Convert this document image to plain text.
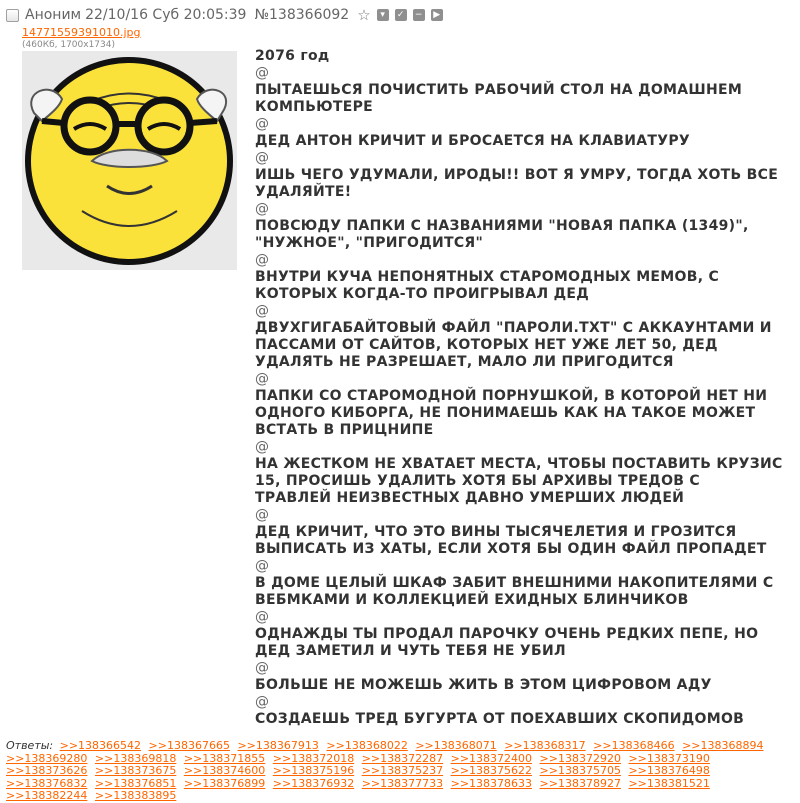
Аноним 22/10/16 Суб 20:05:39 №138366092 ☆	▾	✓ − ▶
14771559391010.jpg
(460Кб, 1700x1734)
2076 год
@
ПЫТАЕШЬСЯ ПОЧИСТИТЬ РАБОЧИЙ СТОЛ НА ДОМАШНЕМ
КОМПЬЮТЕРЕ
@
ДЕД АНТОН КРИЧИТ И БРОСАЕТСЯ НА КЛАВИАТУРУ
@
ИШЬ ЧЕГО УДУМАЛИ, ИРОДЫ!! ВОТ Я УМРУ, ТОГДА ХОТЬ ВСЕ
УДАЛЯЙТЕ!
@
ПОВСЮДУ ПАПКИ С НАЗВАНИЯМИ "НОВАЯ ПАПКА (1349)",
"НУЖНОЕ", "ПРИГОДИТСЯ"
@
ВНУТРИ КУЧА НЕПОНЯТНЫХ СТАРОМОДНЫХ МЕМОВ, С
КОТОРЫХ КОГДА-ТО ПРОИГРЫВАЛ ДЕД
@
ДВУХГИГАБАЙТОВЫЙ ФАЙЛ "ПАРОЛИ.TXT" С АККАУНТАМИ И
ПАССАМИ ОТ САЙТОВ, КОТОРЫХ НЕТ УЖЕ ЛЕТ 50, ДЕД
УДАЛЯТЬ НЕ РАЗРЕШАЕТ, МАЛО ЛИ ПРИГОДИТСЯ
@
ПАПКИ СО СТАРОМОДНОЙ ПОРНУШКОЙ, В КОТОРОЙ НЕТ НИ
ОДНОГО КИБОРГА, НЕ ПОНИМАЕШЬ КАК НА ТАКОЕ МОЖЕТ
ВСТАТЬ В ПРИЦНИПЕ
@
НА ЖЕСТКОМ НЕ ХВАТАЕТ МЕСТА, ЧТОБЫ ПОСТАВИТЬ КРУЗИС
15, ПРОСИШЬ УДАЛИТЬ ХОТЯ БЫ АРХИВЫ ТРЕДОВ С
ТРАВЛЕЙ НЕИЗВЕСТНЫХ ДАВНО УМЕРШИХ ЛЮДЕЙ
@
ДЕД КРИЧИТ, ЧТО ЭТО ВИНЫ ТЫСЯЧЕЛЕТИЯ И ГРОЗИТСЯ
ВЫПИСАТЬ ИЗ ХАТЫ, ЕСЛИ ХОТЯ БЫ ОДИН ФАЙЛ ПРОПАДЕТ
@
В ДОМЕ ЦЕЛЫЙ ШКАФ ЗАБИТ ВНЕШНИМИ НАКОПИТЕЛЯМИ С
ВЕБМКАМИ И КОЛЛЕКЦИЕЙ ЕХИДНЫХ БЛИНЧИКОВ
@
ОДНАЖДЫ ТЫ ПРОДАЛ ПАРОЧКУ ОЧЕНЬ РЕДКИХ ПЕПЕ, НО
ДЕД ЗАМЕТИЛ И ЧУТЬ ТЕБЯ НЕ УБИЛ
@
БОЛЬШЕ НЕ МОЖЕШЬ ЖИТЬ В ЭТОМ ЦИФРОВОМ АДУ
@
СОЗДАЕШЬ ТРЕД БУГУРТА ОТ ПОЕХАВШИХ СКОПИДОМОВ
Ответы: >>138366542 >>138367665 >>138367913 >>138368022 >>138368071 >>138368317 >>138368466 >>138368894 >>138369280 >>138369818 >>138371855 >>138372018 >>138372287 >>138372400 >>138372920 >>138373190 >>138373626 >>138373675 >>138374600 >>138375196 >>138375237 >>138375622 >>138375705 >>138376498 >>138376832 >>138376851 >>138376899 >>138376932 >>138377733 >>138378633 >>138378927 >>138381521 >>138382244 >>138383895
